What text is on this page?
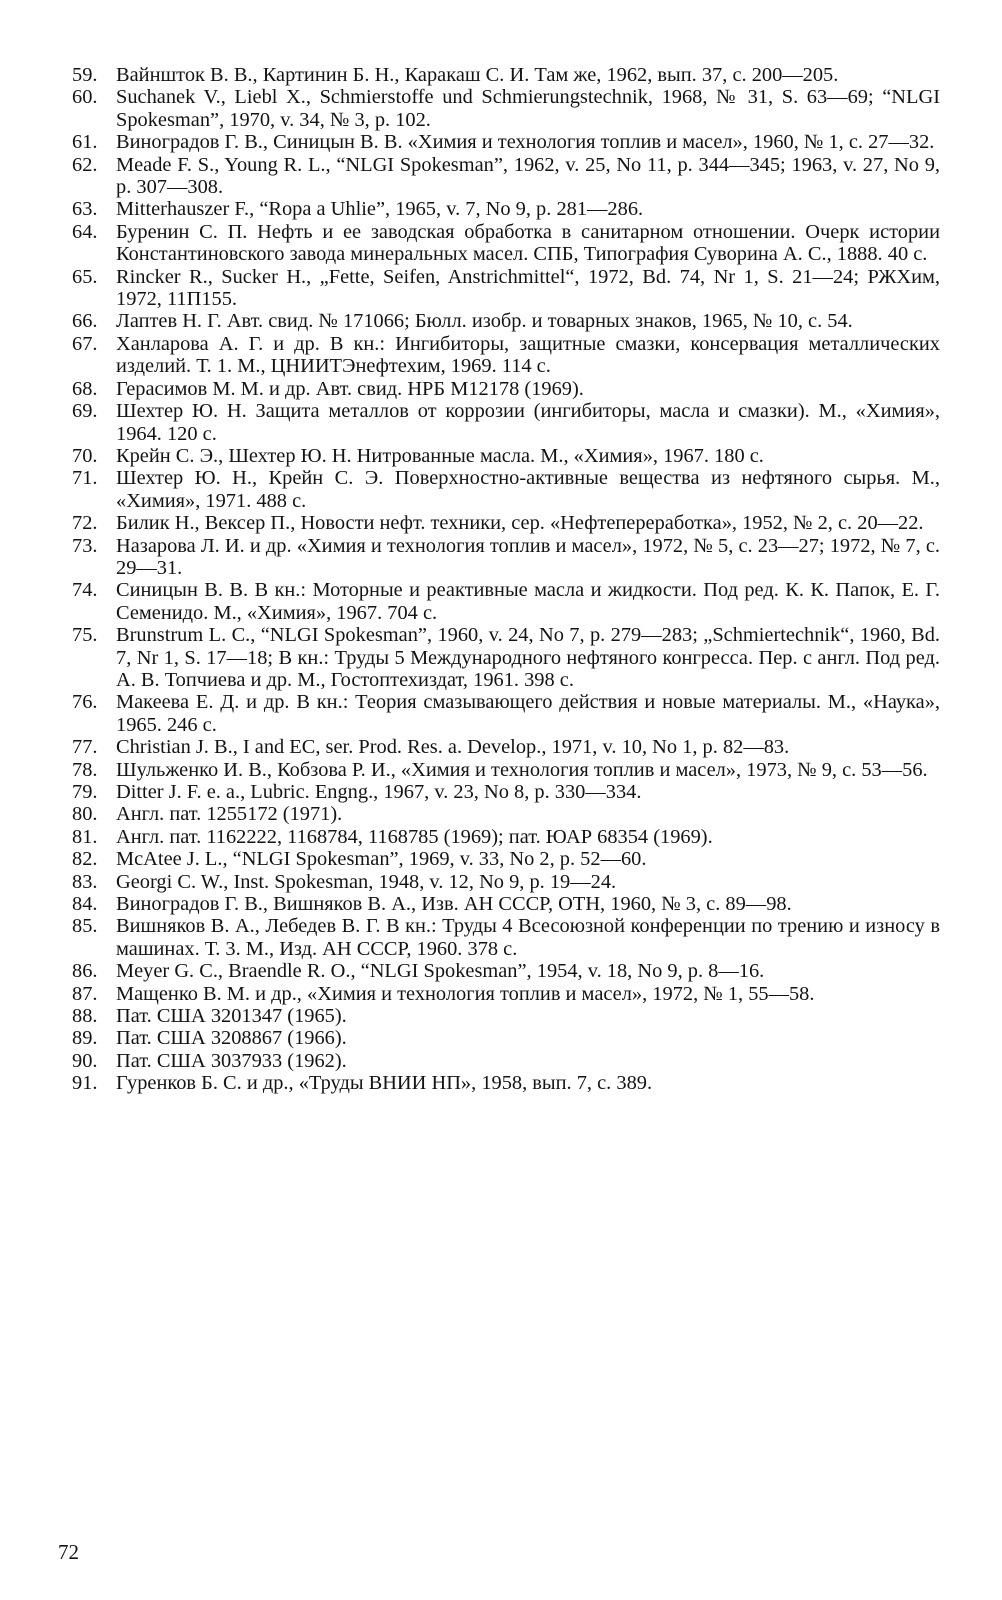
59. Вайншток В. В., Картинин Б. Н., Каракаш С. И. Там же, 1962, вып. 37, с. 200—205.
60. Suchanek V., Liebl X., Schmierstoffe und Schmierungstechnik, 1968, № 31, S. 63—69; “NLGI Spokesman”, 1970, v. 34, № 3, p. 102.
61. Виноградов Г. В., Синицын В. В. «Химия и технология топлив и масел», 1960, № 1, с. 27—32.
62. Meade F. S., Young R. L., “NLGI Spokesman”, 1962, v. 25, No 11, p. 344—345; 1963, v. 27, No 9, p. 307—308.
63. Mitterhauszer F., “Ropa a Uhlie”, 1965, v. 7, No 9, p. 281—286.
64. Буренин С. П. Нефть и ее заводская обработка в санитарном отношении. Очерк истории Константиновского завода минеральных масел. СПБ, Типография Суворина А. С., 1888. 40 с.
65. Rincker R., Sucker H., „Fette, Seifen, Anstrichmittel“, 1972, Bd. 74, Nr 1, S. 21—24; РЖХим, 1972, 11П155.
66. Лаптев Н. Г. Авт. свид. № 171066; Бюлл. изобр. и товарных знаков, 1965, № 10, с. 54.
67. Ханларова А. Г. и др. В кн.: Ингибиторы, защитные смазки, консервация металлических изделий. Т. 1. М., ЦНИИТЭнефтехим, 1969. 114 с.
68. Герасимов М. М. и др. Авт. свид. НРБ М12178 (1969).
69. Шехтер Ю. Н. Защита металлов от коррозии (ингибиторы, масла и смазки). М., «Химия», 1964. 120 с.
70. Крейн С. Э., Шехтер Ю. Н. Нитрованные масла. М., «Химия», 1967. 180 с.
71. Шехтер Ю. Н., Крейн С. Э. Поверхностно-активные вещества из нефтяного сырья. М., «Химия», 1971. 488 с.
72. Билик Н., Вексер П., Новости нефт. техники, сер. «Нефтепереработка», 1952, № 2, с. 20—22.
73. Назарова Л. И. и др. «Химия и технология топлив и масел», 1972, № 5, с. 23—27; 1972, № 7, с. 29—31.
74. Синицын В. В. В кн.: Моторные и реактивные масла и жидкости. Под ред. К. К. Папок, Е. Г. Семенидо. М., «Химия», 1967. 704 с.
75. Brunstrum L. C., “NLGI Spokesman”, 1960, v. 24, No 7, p. 279—283; „Schmiertechnik“, 1960, Bd. 7, Nr 1, S. 17—18; В кн.: Труды 5 Международного нефтяного конгресса. Пер. с англ. Под ред. А. В. Топчиева и др. М., Гостоптехиздат, 1961. 398 с.
76. Макеева Е. Д. и др. В кн.: Теория смазывающего действия и новые материалы. М., «Наука», 1965. 246 с.
77. Christian J. B., I and EC, ser. Prod. Res. a. Develop., 1971, v. 10, No 1, p. 82—83.
78. Шульженко И. В., Кобзова Р. И., «Химия и технология топлив и масел», 1973, № 9, с. 53—56.
79. Ditter J. F. e. a., Lubric. Engng., 1967, v. 23, No 8, p. 330—334.
80. Англ. пат. 1255172 (1971).
81. Англ. пат. 1162222, 1168784, 1168785 (1969); пат. ЮАР 68354 (1969).
82. McAtee J. L., “NLGI Spokesman”, 1969, v. 33, No 2, p. 52—60.
83. Georgi C. W., Inst. Spokesman, 1948, v. 12, No 9, p. 19—24.
84. Виноградов Г. В., Вишняков В. А., Изв. АН СССР, ОТН, 1960, № 3, с. 89—98.
85. Вишняков В. А., Лебедев В. Г. В кн.: Труды 4 Всесоюзной конференции по трению и износу в машинах. Т. 3. М., Изд. АН СССР, 1960. 378 с.
86. Meyer G. C., Braendle R. O., “NLGI Spokesman”, 1954, v. 18, No 9, p. 8—16.
87. Мащенко В. М. и др., «Химия и технология топлив и масел», 1972, № 1, 55—58.
88. Пат. США 3201347 (1965).
89. Пат. США 3208867 (1966).
90. Пат. США 3037933 (1962).
91. Гуренков Б. С. и др., «Труды ВНИИ НП», 1958, вып. 7, с. 389.
72
